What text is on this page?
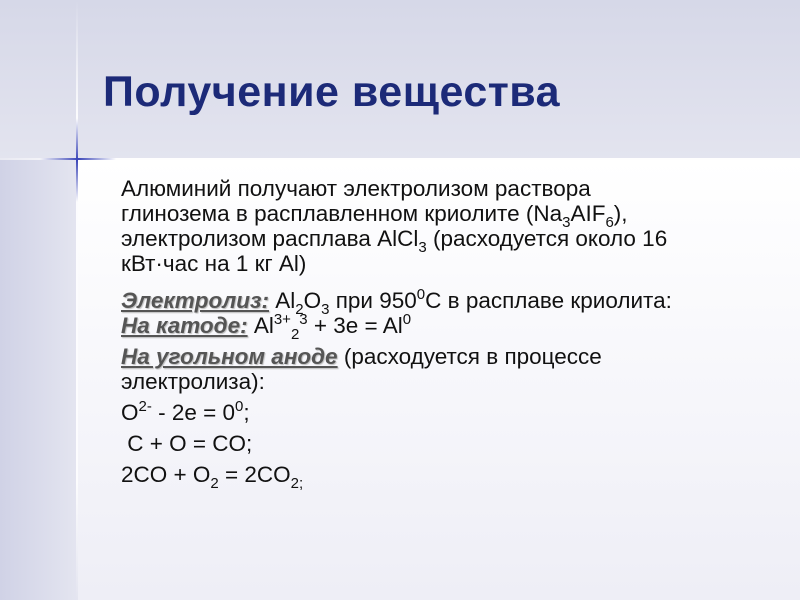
Получение вещества
Алюминий получают электролизом раствора
глинозема в расплавленном криолите $(Na_3AIF_6)$,
электролизом расплава AlCl$_3$ (расходуется около 16
кВт·час на 1 кг Al)
Электролиз: $Al_2O_3$ при $950^0C$ в расплаве криолита:
На катоде: $Al^{3+}_2^3 + 3e = Al^0$
На угольном аноде (расходуется в процессе
электролиза):
$O^{2-} - 2e = 0^0$;
C + O = CO;
$2CO + O_2 = 2CO_{2;}$
